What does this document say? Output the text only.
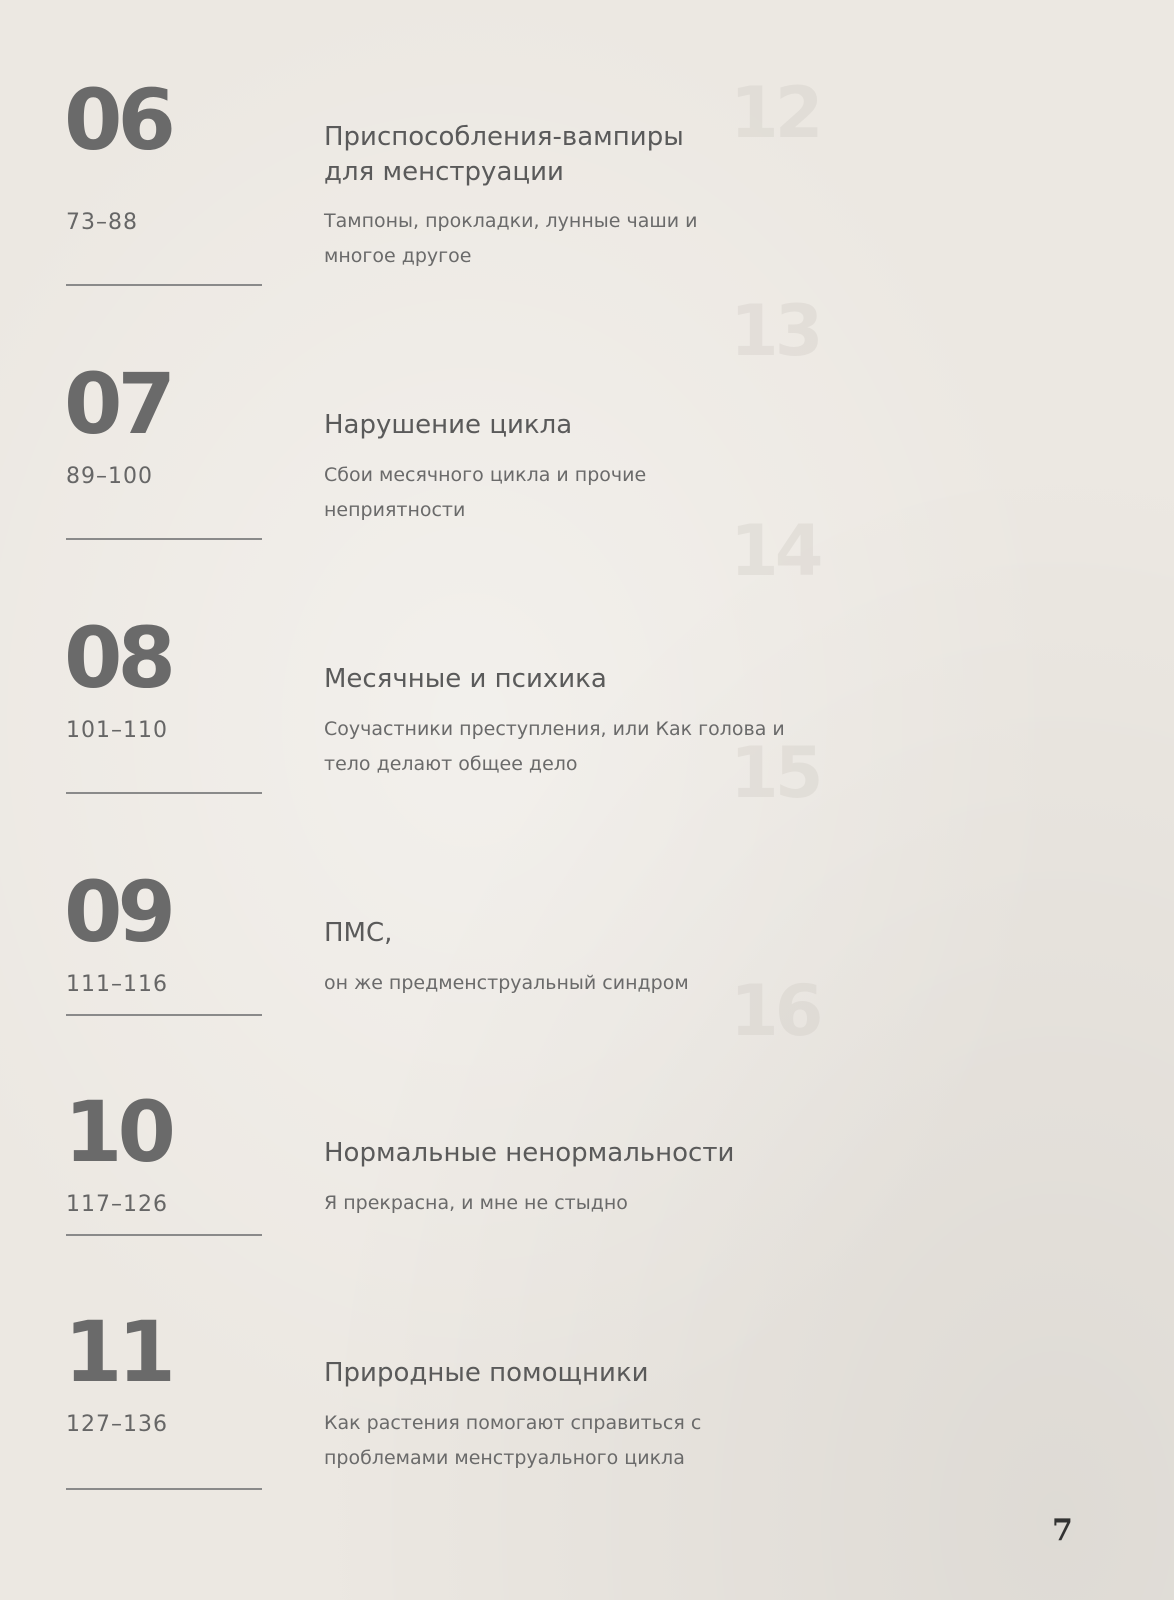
12
13
14
15
16
06
73–88
Приспособления-вампиры для менструации
Тампоны, прокладки, лунные чаши и многое другое
07
89–100
Нарушение цикла
Сбои месячного цикла и прочие неприятности
08
101–110
Месячные и психика
Соучастники преступления, или Как голова и тело делают общее дело
09
111–116
ПМС,
он же предменструальный синдром
10
117–126
Нормальные ненормальности
Я прекрасна, и мне не стыдно
11
127–136
Природные помощники
Как растения помогают справиться с проблемами менструального цикла
7
